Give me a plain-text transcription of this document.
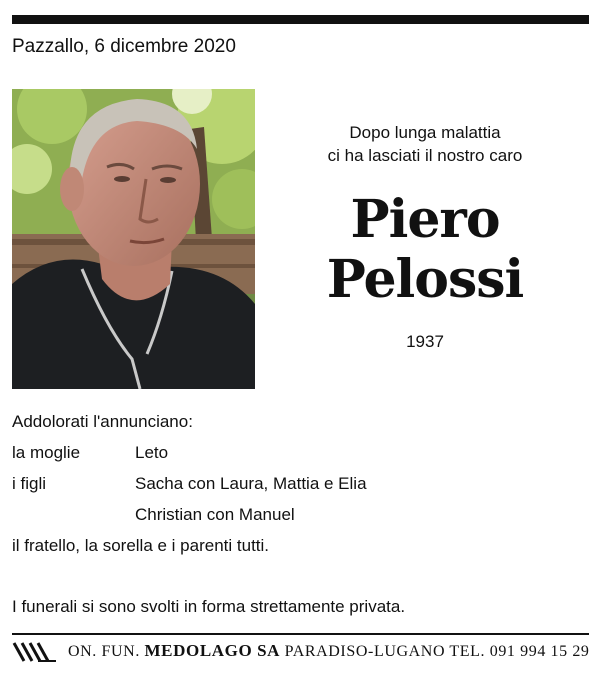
Pazzallo, 6 dicembre 2020
Dopo lunga malattia
ci ha lasciati il nostro caro
Piero
Pelossi
1937
Addolorati l'annunciano:
la moglie	Leto
i figli	Sacha con Laura, Mattia e Elia
Christian con Manuel
il fratello, la sorella e i parenti tutti.
I funerali si sono svolti in forma strettamente privata.
ON. FUN. MEDOLAGO SA PARADISO-LUGANO TEL. 091 994 15 29
